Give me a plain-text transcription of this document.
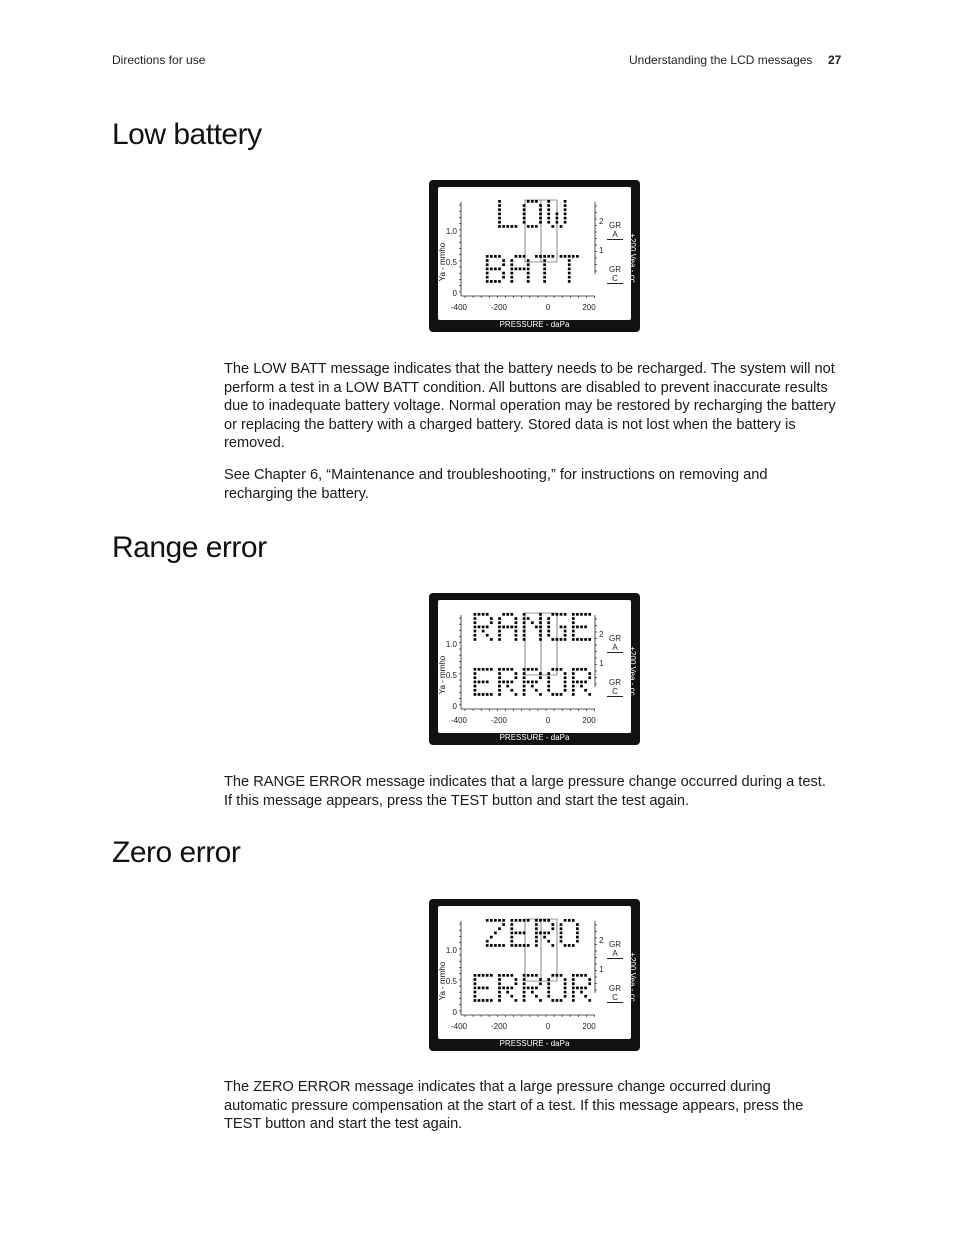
Directions for use	Understanding the LCD messages 27
Low battery
1.0
0.5
0
-400	-200	0	200
2
1
GR
A
GR
C
Ya - mmho	+200 Vea - cc
PRESSURE - daPa

The LOW BATT message indicates that the battery needs to be recharged. The system will not perform a test in a LOW BATT condition. All buttons are disabled to prevent inaccurate results due to inadequate battery voltage. Normal operation may be restored by recharging the battery or replacing the battery with a charged battery. Stored data is not lost when the battery is removed.

See Chapter 6, “Maintenance and troubleshooting,” for instructions on removing and recharging the battery.

Range error
1.0
0.5
0
-400	-200	0	200
2
1
GR
A
GR
C
Ya - mmho	+200 Vea - cc
PRESSURE - daPa

The RANGE ERROR message indicates that a large pressure change occurred during a test. If this message appears, press the TEST button and start the test again.

Zero error
1.0
0.5
0
-400	-200	0	200
2
1
GR
A
GR
C
Ya - mmho	+200 Vea - cc
PRESSURE - daPa

The ZERO ERROR message indicates that a large pressure change occurred during automatic pressure compensation at the start of a test. If this message appears, press the TEST button and start the test again.
